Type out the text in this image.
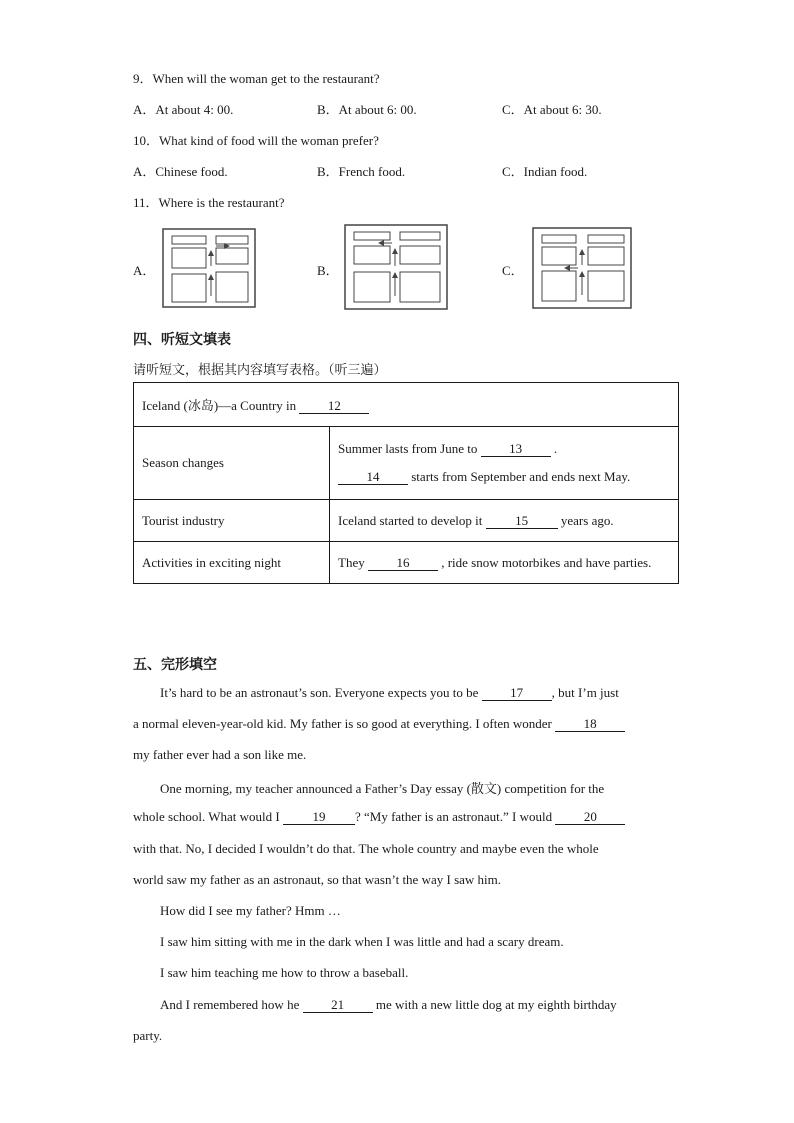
9．When will the woman get to the restaurant?
A．At about 4: 00.	B．At about 6: 00.	C．At about 6: 30.
10．What kind of food will the woman prefer?
A．Chinese food.	B．French food.	C．Indian food.
11．Where is the restaurant?
A．	B．	C．
四、听短文填表
请听短文，根据其内容填写表格。（听三遍）
Iceland (冰岛)—a Country in 12	
Season changes	Summer lasts from June to 13 .
14 starts from September and ends next May.

Tourist industry	Iceland started to develop it 15 years ago.
Activities in exciting night	They 16 , ride snow motorbikes and have parties.
五、完形填空
It’s hard to be an astronaut’s son. Everyone expects you to be 17 , but I’m just
a normal eleven-year-old kid. My father is so good at everything. I often wonder 18
my father ever had a son like me.
One morning, my teacher announced a Father’s Day essay (散文) competition for the
whole school. What would I 19 ? “My father is an astronaut.” I would 20
with that. No, I decided I wouldn’t do that. The whole country and maybe even the whole
world saw my father as an astronaut, so that wasn’t the way I saw him.
How did I see my father? Hmm …
I saw him sitting with me in the dark when I was little and had a scary dream.
I saw him teaching me how to throw a baseball.
And I remembered how he 21 me with a new little dog at my eighth birthday
party.
